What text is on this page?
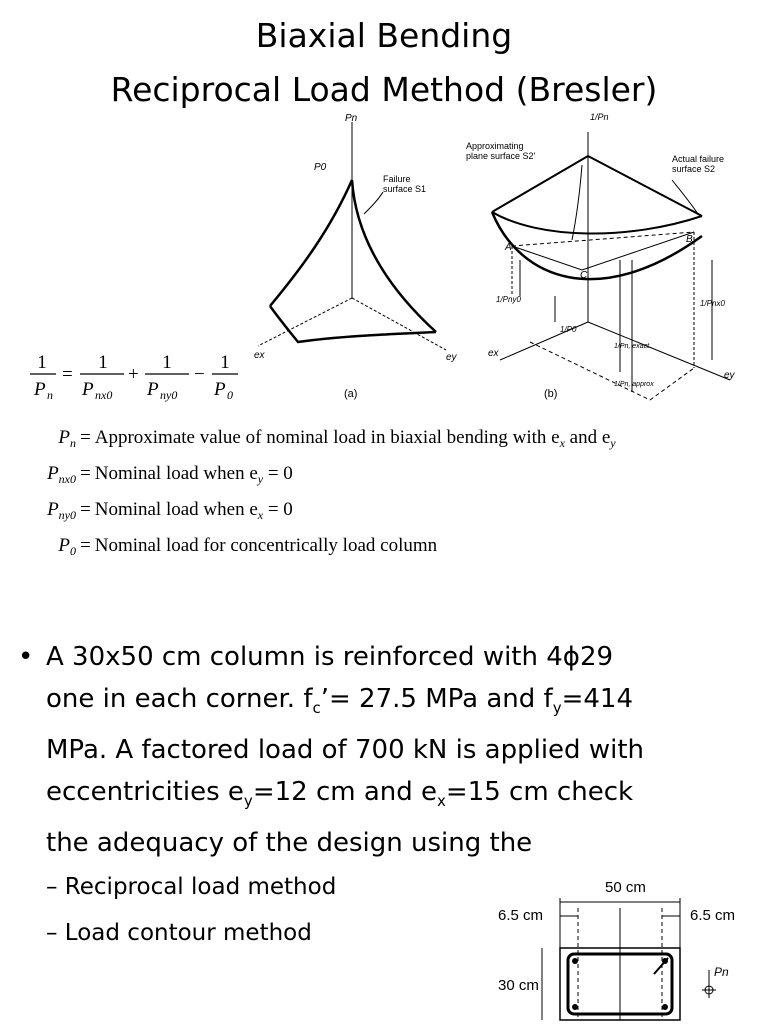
Biaxial Bending
Reciprocal Load Method (Bresler)
Pn
P0
Failure
surface S1
ex	ey
(a)
1/Pn
Approximating
plane surface S2'	Actual failure
surface S2
A
B
C
1/Pny0
1/P0
1/Pnx0
1/Pn, exact
1/Pn, approx
ex
ey
(b)
1
P n
=
1
P nx0
+
1
P ny0
−
1
P 0
$P_n$ = Approximate value of nominal load in biaxial bending with $e_x$ and $e_y$
$P_{nx0}$ = Nominal load when $e_y = 0$
$P_{ny0}$ = Nominal load when $e_x = 0$
$P_0$ = Nominal load for concentrically load column
• A 30x50 cm column is reinforced with 4ϕ29
one in each corner. $f_c’= 27.5$ MPa and $f_y=414$
MPa. A factored load of 700 kN is applied with
eccentricities $e_y=12$ cm and $e_x=15$ cm check
the adequacy of the design using the
– Reciprocal load method
– Load contour method
50 cm
6.5 cm	6.5 cm
30 cm
Pn
